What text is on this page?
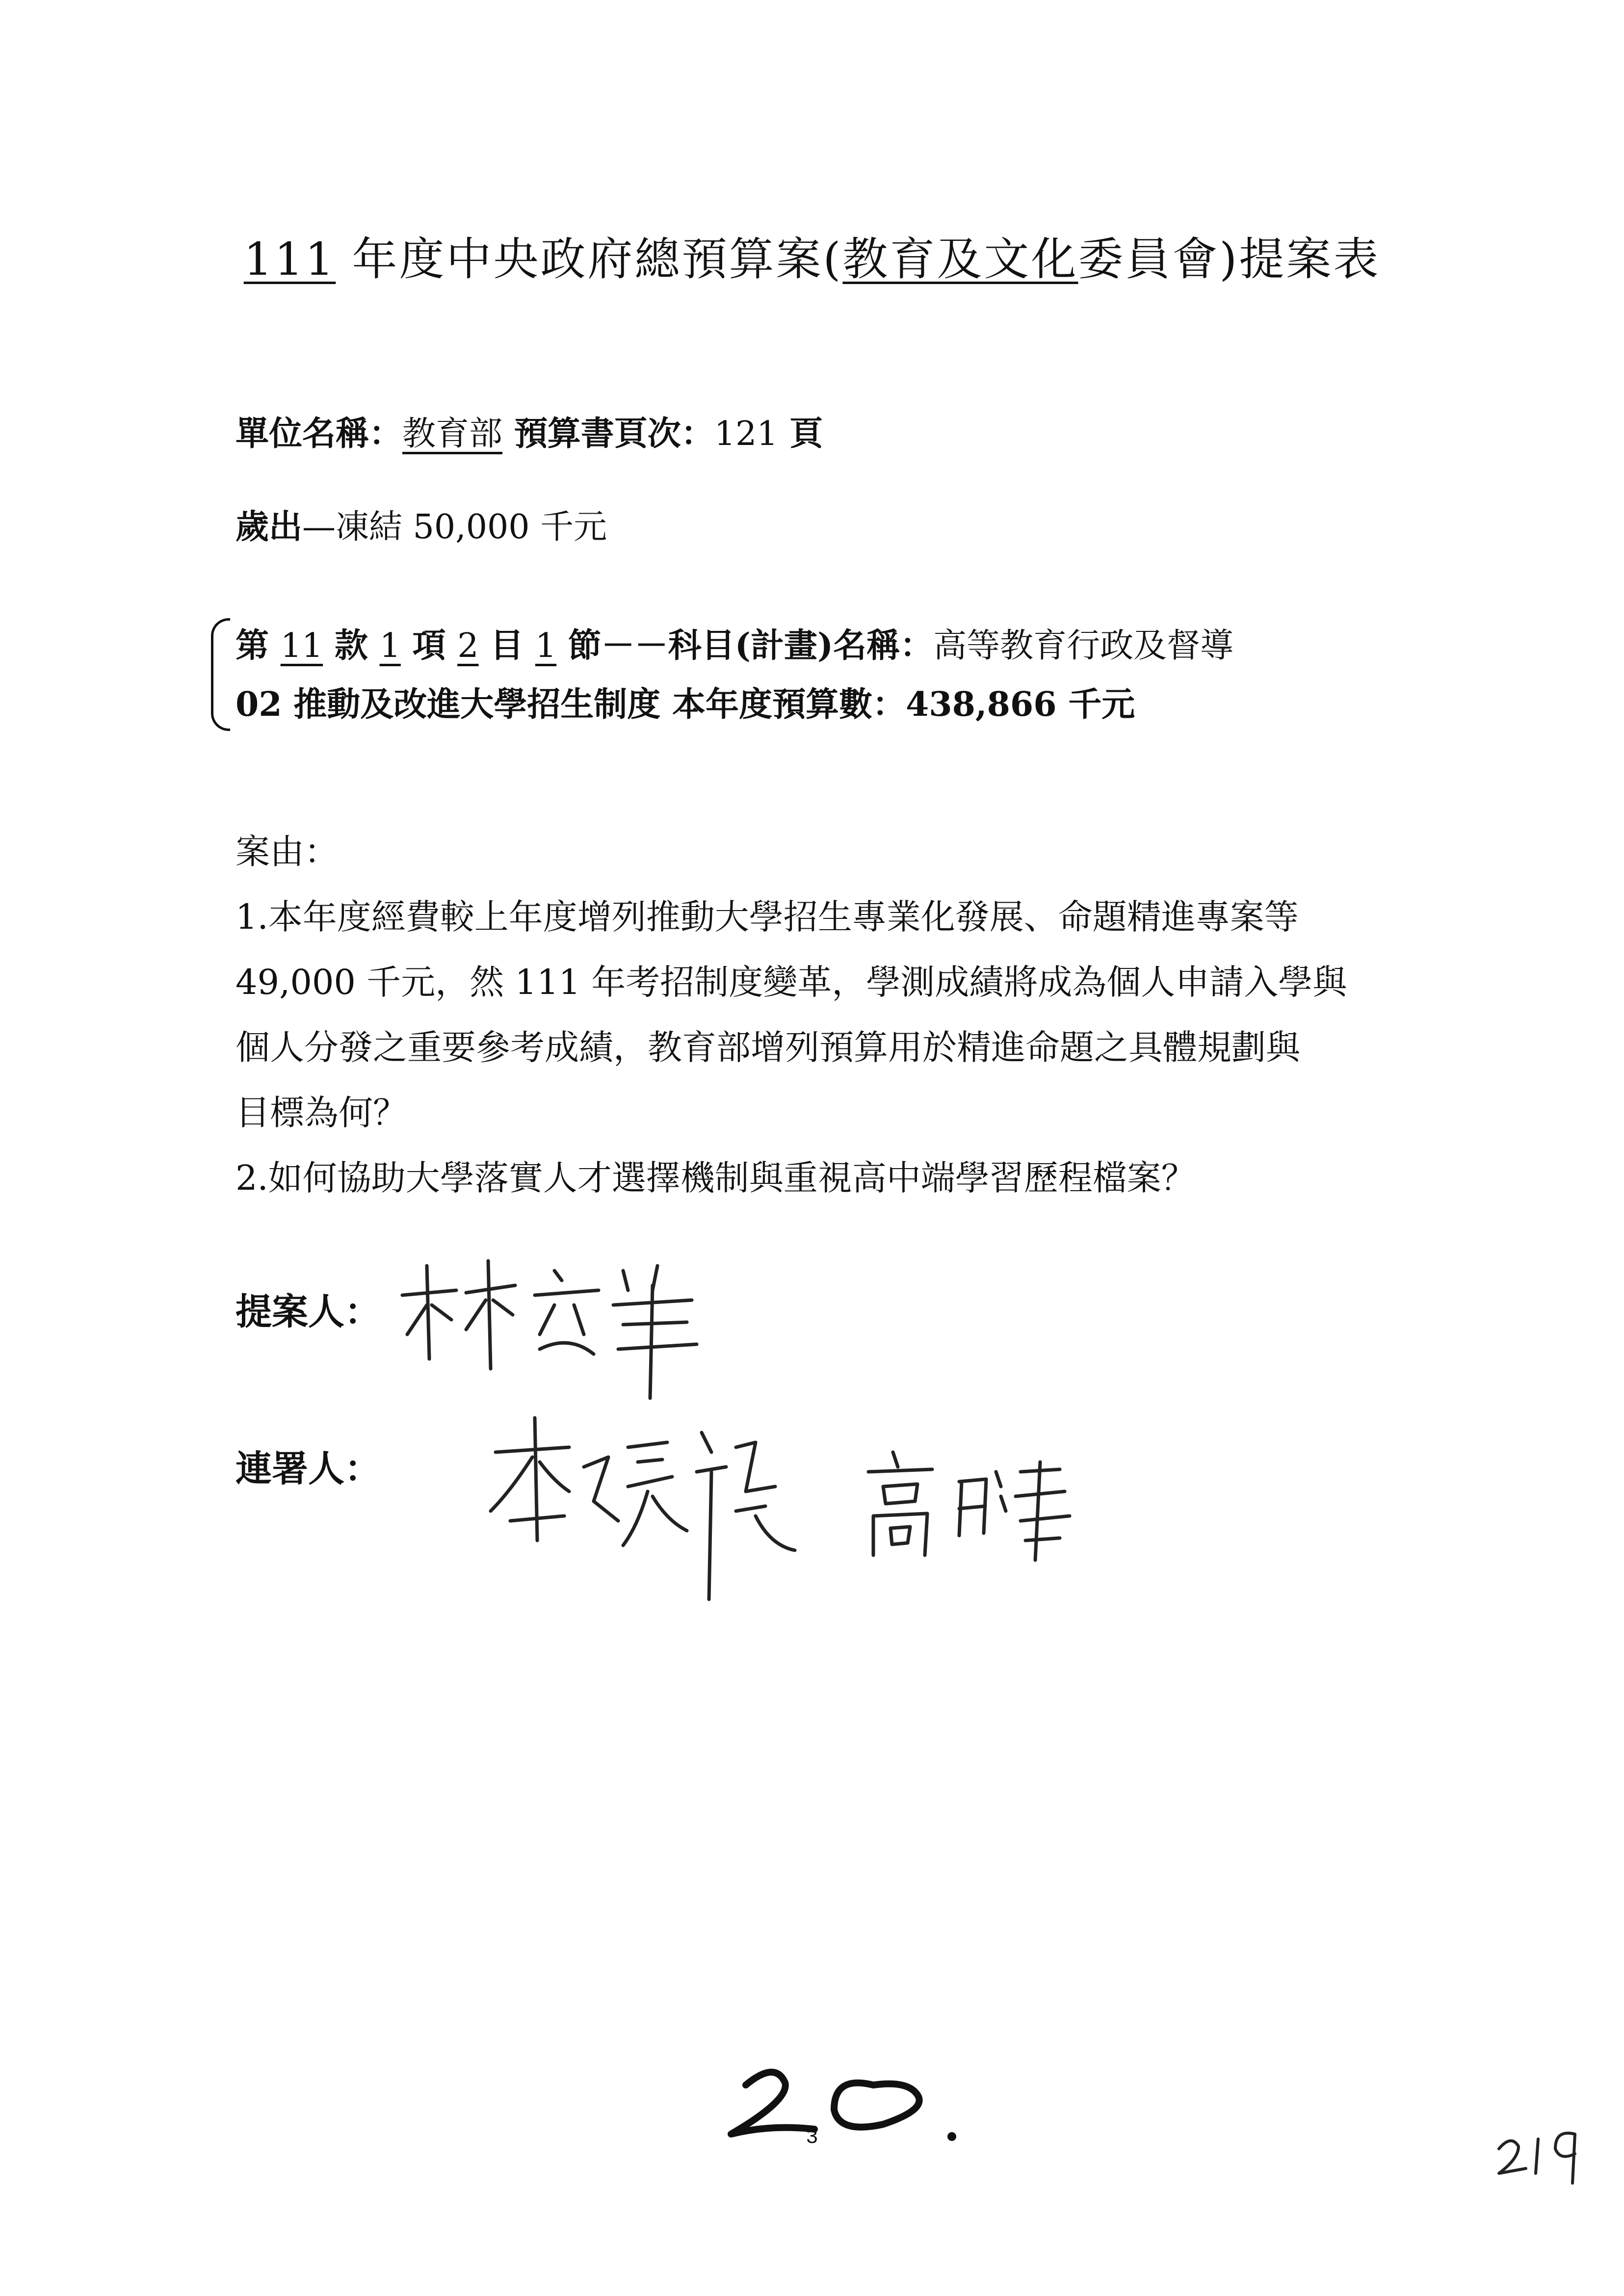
111 年度中央政府總預算案(教育及文化委員會)提案表
單位名稱：教育部 預算書頁次：121 頁
歲出—凍結 50,000 千元
第 11 款 1 項 2 目 1 節－－科目(計畫)名稱：高等教育行政及督導
02 推動及改進大學招生制度 本年度預算數：438,866 千元
案由：
1.本年度經費較上年度增列推動大學招生專業化發展、命題精進專案等
49,000 千元，然 111 年考招制度變革，學測成績將成為個人申請入學與
個人分發之重要參考成績，教育部增列預算用於精進命題之具體規劃與
目標為何？
2.如何協助大學落實人才選擇機制與重視高中端學習歷程檔案？
提案人：
連署人：
3
